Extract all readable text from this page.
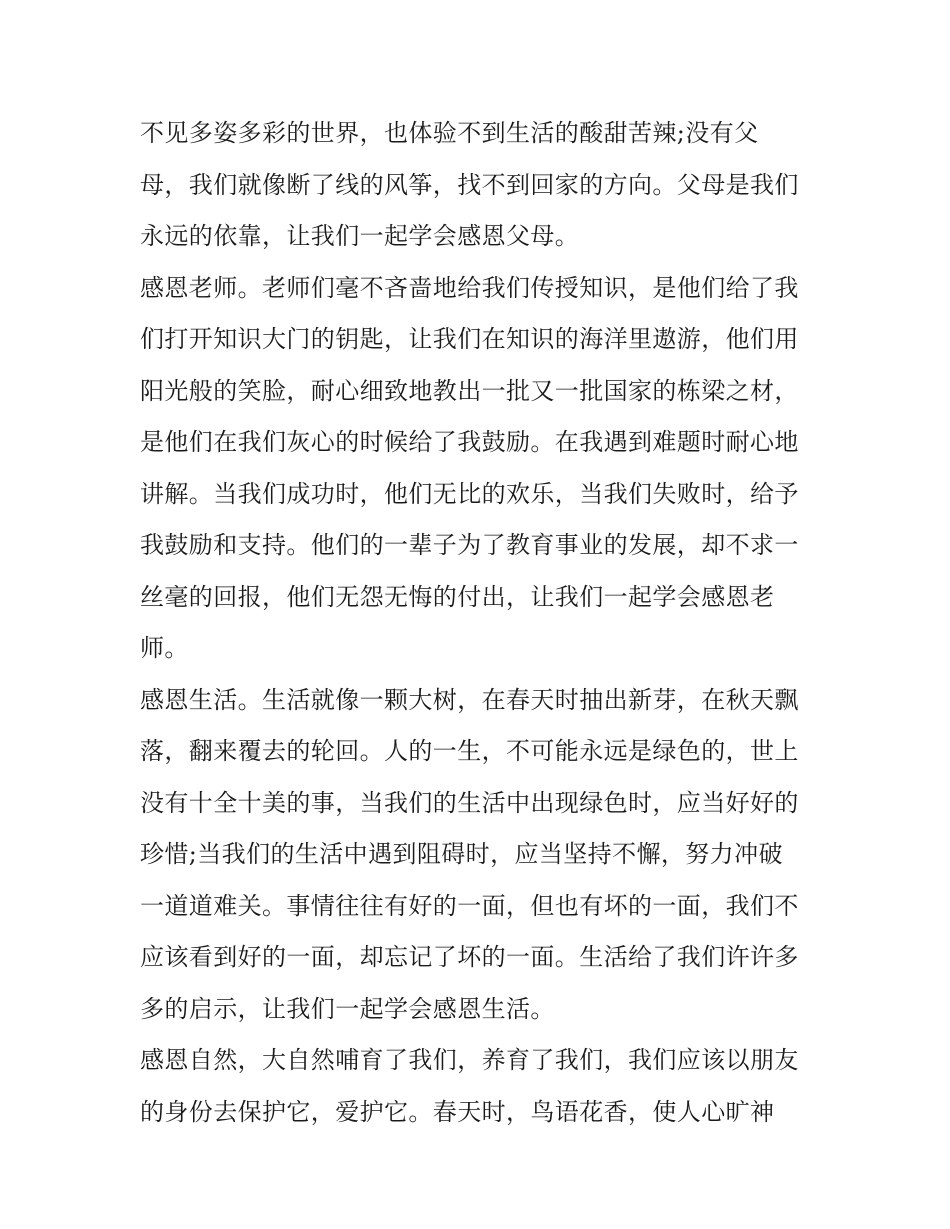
不见多姿多彩的世界，也体验不到生活的酸甜苦辣;没有父
母，我们就像断了线的风筝，找不到回家的方向。父母是我们
永远的依靠，让我们一起学会感恩父母。
感恩老师。老师们毫不吝啬地给我们传授知识，是他们给了我
们打开知识大门的钥匙，让我们在知识的海洋里遨游，他们用
阳光般的笑脸，耐心细致地教出一批又一批国家的栋梁之材，
是他们在我们灰心的时候给了我鼓励。在我遇到难题时耐心地
讲解。当我们成功时，他们无比的欢乐，当我们失败时，给予
我鼓励和支持。他们的一辈子为了教育事业的发展，却不求一
丝毫的回报，他们无怨无悔的付出，让我们一起学会感恩老
师。
感恩生活。生活就像一颗大树，在春天时抽出新芽，在秋天飘
落，翻来覆去的轮回。人的一生，不可能永远是绿色的，世上
没有十全十美的事，当我们的生活中出现绿色时，应当好好的
珍惜;当我们的生活中遇到阻碍时，应当坚持不懈，努力冲破
一道道难关。事情往往有好的一面，但也有坏的一面，我们不
应该看到好的一面，却忘记了坏的一面。生活给了我们许许多
多的启示，让我们一起学会感恩生活。
感恩自然，大自然哺育了我们，养育了我们，我们应该以朋友
的身份去保护它，爱护它。春天时，鸟语花香，使人心旷神
